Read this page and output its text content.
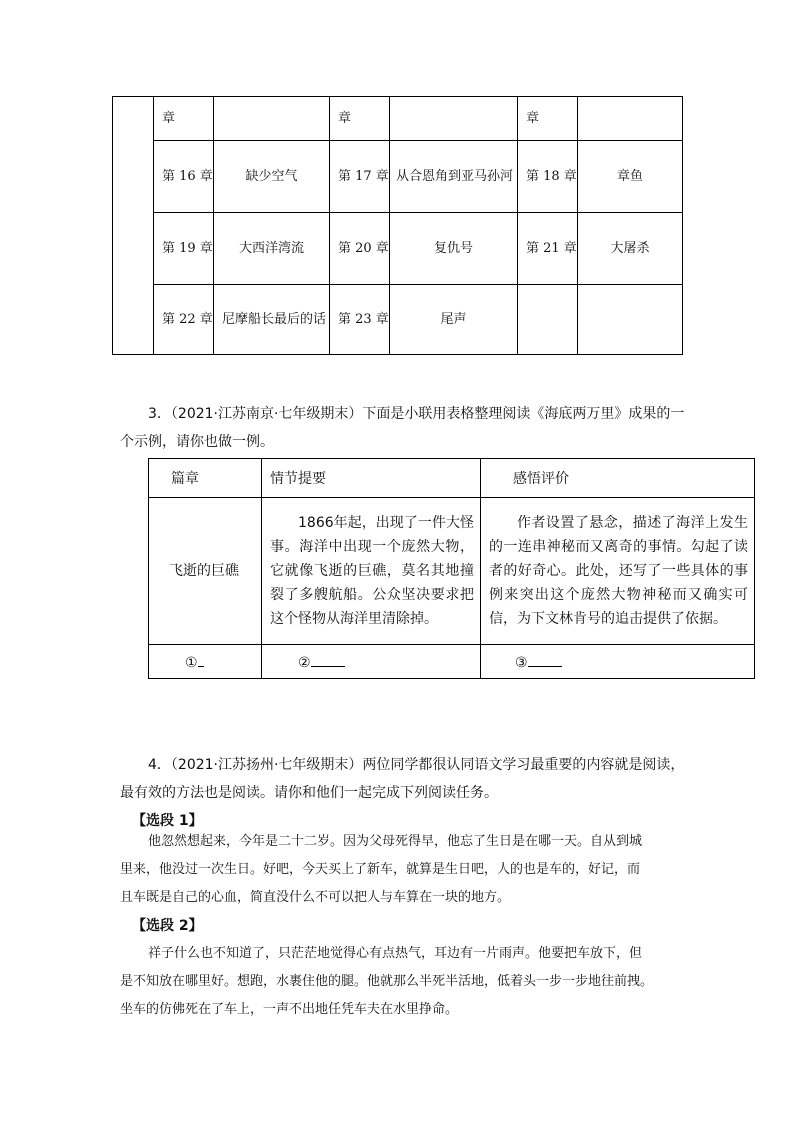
	章		章		章	
	第 16 章	缺少空气	第 17 章	从合恩角到亚马孙河	第 18 章	章鱼
	第 19 章	大西洋湾流	第 20 章	复仇号	第 21 章	大屠杀
	第 22 章	尼摩船长最后的话	第 23 章	尾声		
3．（2021·江苏南京·七年级期末）下面是小联用表格整理阅读《海底两万里》成果的一
个示例，请你也做一例。
篇章	情节提要	感悟评价
飞逝的巨礁	1866年起，出现了一件大怪事。海洋中出现一个庞然大物，它就像飞逝的巨礁，莫名其地撞裂了多艘航船。公众坚决要求把这个怪物从海洋里清除掉。	作者设置了悬念，描述了海洋上发生的一连串神秘而又离奇的事情。勾起了读者的好奇心。此处，还写了一些具体的事例来突出这个庞然大物神秘而又确实可信，为下文林肯号的追击提供了依据。
①	②	③
4．（2021·江苏扬州·七年级期末）两位同学都很认同语文学习最重要的内容就是阅读，
最有效的方法也是阅读。请你和他们一起完成下列阅读任务。
【选段 1】
他忽然想起来，今年是二十二岁。因为父母死得早，他忘了生日是在哪一天。自从到城
里来，他没过一次生日。好吧，今天买上了新车，就算是生日吧，人的也是车的，好记，而
且车既是自己的心血，简直没什么不可以把人与车算在一块的地方。
【选段 2】
祥子什么也不知道了，只茫茫地觉得心有点热气，耳边有一片雨声。他要把车放下，但
是不知放在哪里好。想跑，水裹住他的腿。他就那么半死半活地，低着头一步一步地往前拽。
坐车的仿佛死在了车上，一声不出地任凭车夫在水里挣命。
